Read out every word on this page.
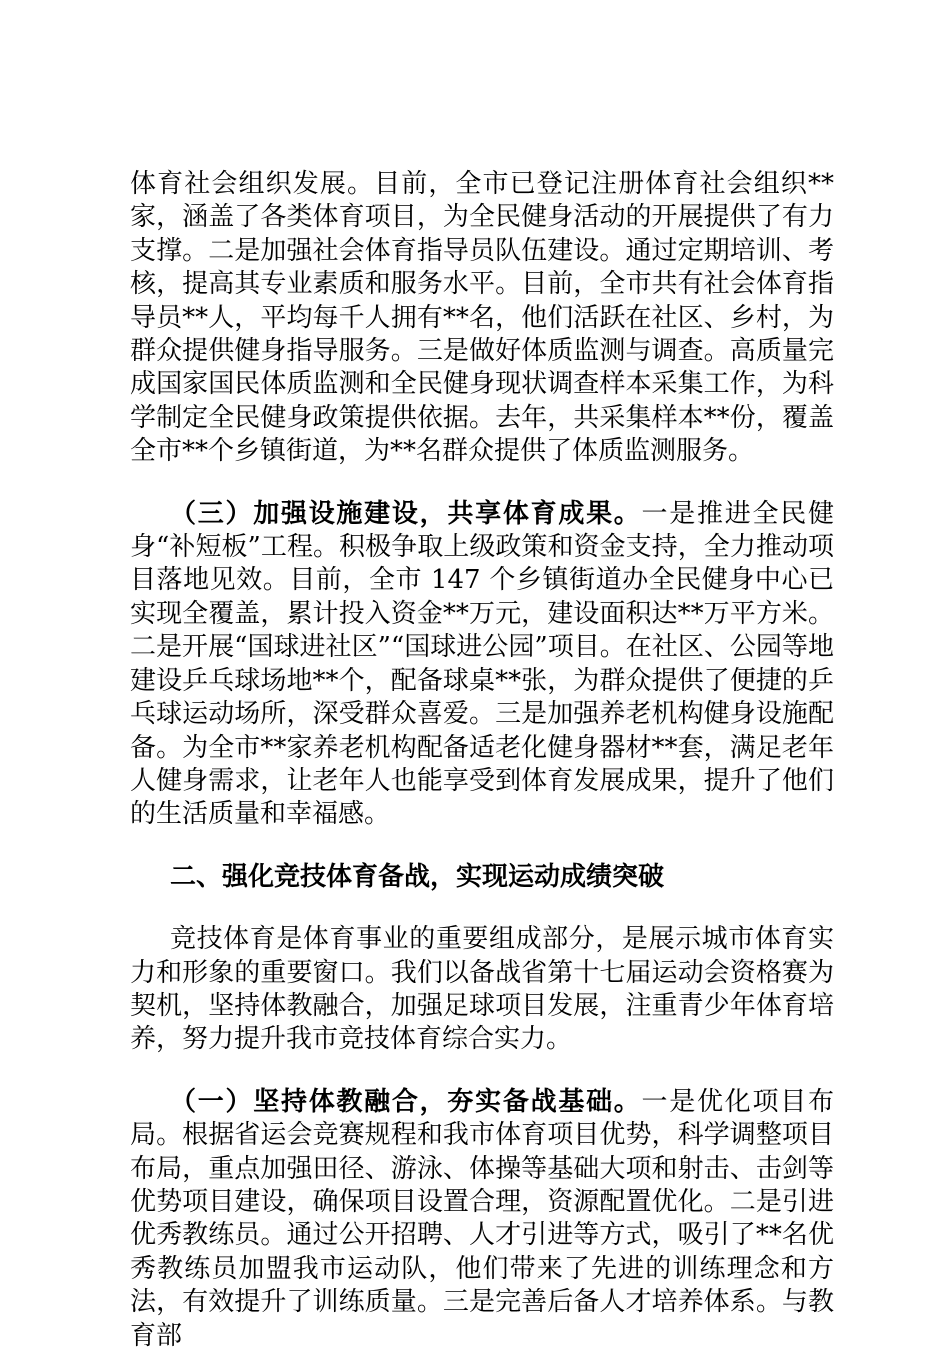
体育社会组织发展。目前，全市已登记注册体育社会组织**家，涵盖了各类体育项目，为全民健身活动的开展提供了有力支撑。二是加强社会体育指导员队伍建设。通过定期培训、考核，提高其专业素质和服务水平。目前，全市共有社会体育指导员**人，平均每千人拥有**名，他们活跃在社区、乡村，为群众提供健身指导服务。三是做好体质监测与调查。高质量完成国家国民体质监测和全民健身现状调查样本采集工作，为科学制定全民健身政策提供依据。去年，共采集样本**份，覆盖全市**个乡镇街道，为**名群众提供了体质监测服务。

（三）加强设施建设，共享体育成果。一是推进全民健身“补短板”工程。积极争取上级政策和资金支持，全力推动项目落地见效。目前，全市 147 个乡镇街道办全民健身中心已实现全覆盖，累计投入资金**万元，建设面积达**万平方米。二是开展“国球进社区”“国球进公园”项目。在社区、公园等地建设乒乓球场地**个，配备球桌**张，为群众提供了便捷的乒乓球运动场所，深受群众喜爱。三是加强养老机构健身设施配备。为全市**家养老机构配备适老化健身器材**套，满足老年人健身需求，让老年人也能享受到体育发展成果，提升了他们的生活质量和幸福感。

二、强化竞技体育备战，实现运动成绩突破

竞技体育是体育事业的重要组成部分，是展示城市体育实力和形象的重要窗口。我们以备战省第十七届运动会资格赛为契机，坚持体教融合，加强足球项目发展，注重青少年体育培养，努力提升我市竞技体育综合实力。

（一）坚持体教融合，夯实备战基础。一是优化项目布局。根据省运会竞赛规程和我市体育项目优势，科学调整项目布局，重点加强田径、游泳、体操等基础大项和射击、击剑等优势项目建设，确保项目设置合理，资源配置优化。二是引进优秀教练员。通过公开招聘、人才引进等方式，吸引了**名优秀教练员加盟我市运动队，他们带来了先进的训练理念和方法，有效提升了训练质量。三是完善后备人才培养体系。与教育部
